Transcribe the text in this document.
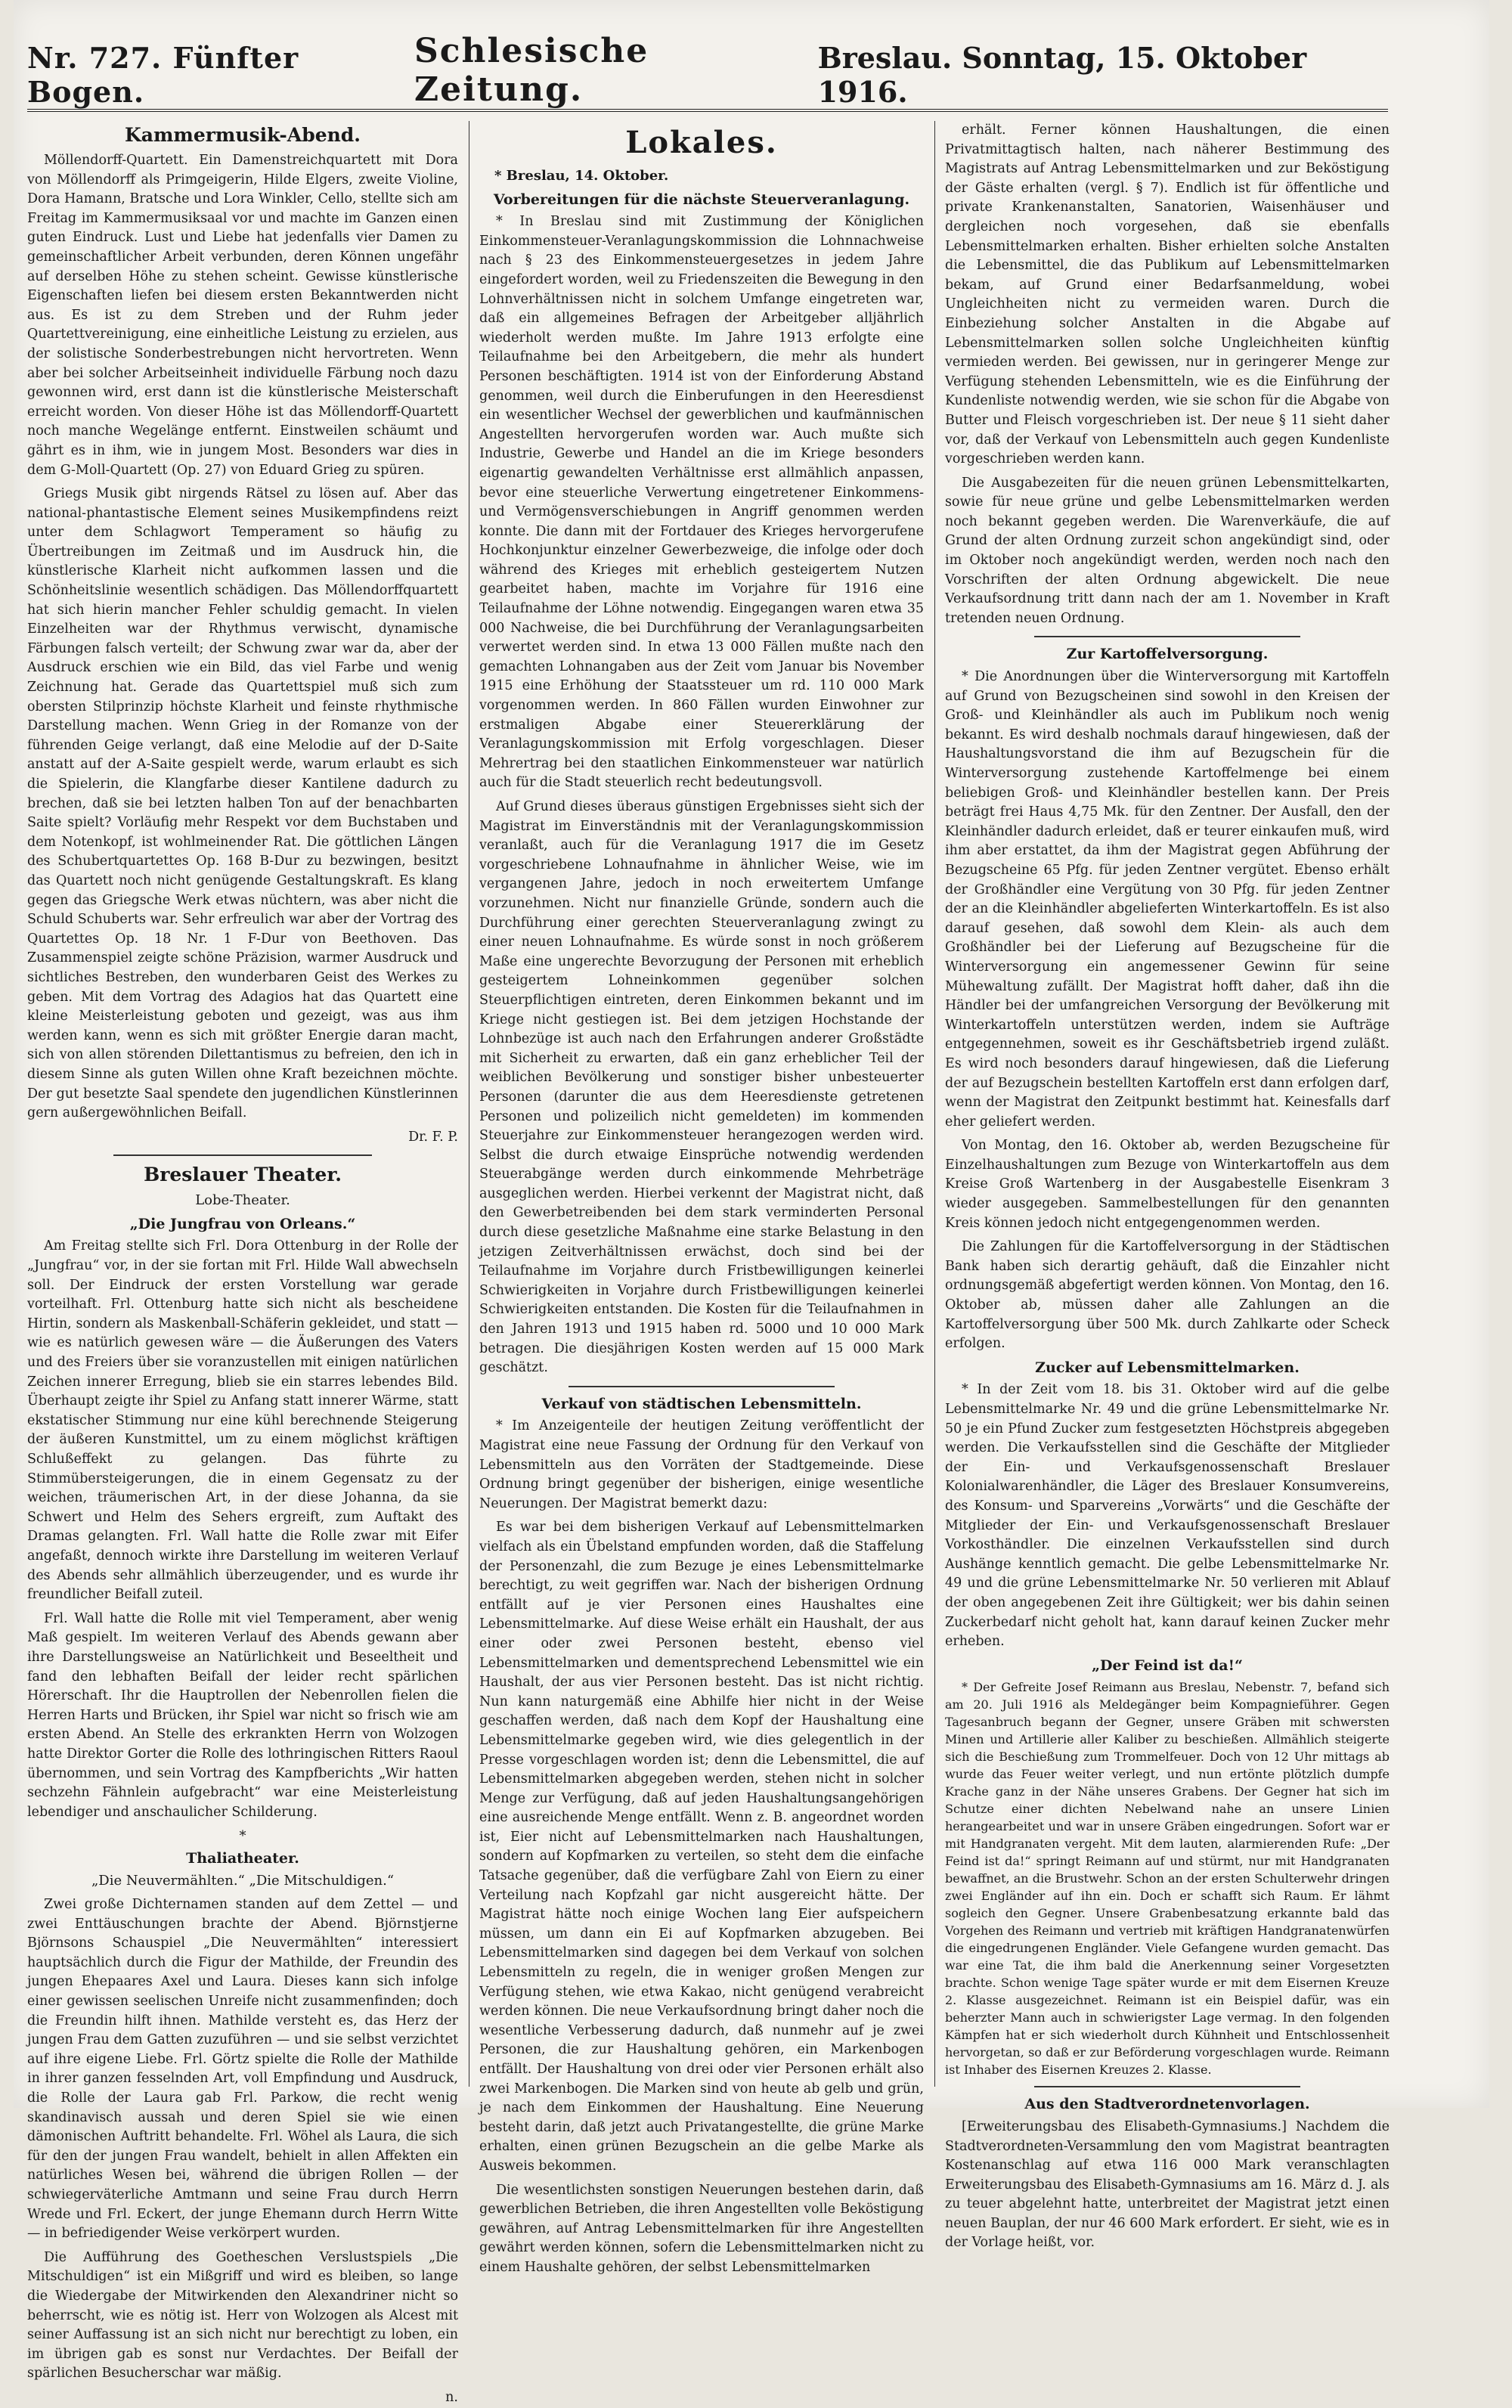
Nr. 727. Fünfter Bogen.
Schlesische Zeitung.
Breslau. Sonntag, 15. Oktober 1916.
Kammermusik-Abend.

Möllendorff-Quartett. Ein Damenstreichquartett mit Dora von Möllendorff als Primgeigerin, Hilde Elgers, zweite Violine, Dora Hamann, Bratsche und Lora Winkler, Cello, stellte sich am Freitag im Kammermusiksaal vor und machte im Ganzen einen guten Eindruck. Lust und Liebe hat jedenfalls vier Damen zu gemeinschaftlicher Arbeit verbunden, deren Können ungefähr auf derselben Höhe zu stehen scheint. Gewisse künstlerische Eigenschaften liefen bei diesem ersten Bekanntwerden nicht aus. Es ist zu dem Streben und der Ruhm jeder Quartettvereinigung, eine einheitliche Leistung zu erzielen, aus der solistische Sonderbestrebungen nicht hervortreten. Wenn aber bei solcher Arbeitseinheit individuelle Färbung noch dazu gewonnen wird, erst dann ist die künstlerische Meisterschaft erreicht worden. Von dieser Höhe ist das Möllendorff-Quartett noch manche Wegelänge entfernt. Einstweilen schäumt und gährt es in ihm, wie in jungem Most. Besonders war dies in dem G-Moll-Quartett (Op. 27) von Eduard Grieg zu spüren.

Griegs Musik gibt nirgends Rätsel zu lösen auf. Aber das national-phantastische Element seines Musikempfindens reizt unter dem Schlagwort Temperament so häufig zu Übertreibungen im Zeitmaß und im Ausdruck hin, die künstlerische Klarheit nicht aufkommen lassen und die Schönheitslinie wesentlich schädigen. Das Möllendorffquartett hat sich hierin mancher Fehler schuldig gemacht. In vielen Einzelheiten war der Rhythmus verwischt, dynamische Färbungen falsch verteilt; der Schwung zwar war da, aber der Ausdruck erschien wie ein Bild, das viel Farbe und wenig Zeichnung hat. Gerade das Quartettspiel muß sich zum obersten Stilprinzip höchste Klarheit und feinste rhythmische Darstellung machen. Wenn Grieg in der Romanze von der führenden Geige verlangt, daß eine Melodie auf der D-Saite anstatt auf der A-Saite gespielt werde, warum erlaubt es sich die Spielerin, die Klangfarbe dieser Kantilene dadurch zu brechen, daß sie bei letzten halben Ton auf der benachbarten Saite spielt? Vorläufig mehr Respekt vor dem Buchstaben und dem Notenkopf, ist wohlmeinender Rat. Die göttlichen Längen des Schubertquartettes Op. 168 B-Dur zu bezwingen, besitzt das Quartett noch nicht genügende Gestaltungskraft. Es klang gegen das Griegsche Werk etwas nüchtern, was aber nicht die Schuld Schuberts war. Sehr erfreulich war aber der Vortrag des Quartettes Op. 18 Nr. 1 F-Dur von Beethoven. Das Zusammenspiel zeigte schöne Präzision, warmer Ausdruck und sichtliches Bestreben, den wunderbaren Geist des Werkes zu geben. Mit dem Vortrag des Adagios hat das Quartett eine kleine Meisterleistung geboten und gezeigt, was aus ihm werden kann, wenn es sich mit größter Energie daran macht, sich von allen störenden Dilettantismus zu befreien, den ich in diesem Sinne als guten Willen ohne Kraft bezeichnen möchte. Der gut besetzte Saal spendete den jugendlichen Künstlerinnen gern außergewöhnlichen Beifall.

Dr. F. P.

Breslauer Theater.
Lobe-Theater.
„Die Jungfrau von Orleans.“

Am Freitag stellte sich Frl. Dora Ottenburg in der Rolle der „Jungfrau“ vor, in der sie fortan mit Frl. Hilde Wall abwechseln soll. Der Eindruck der ersten Vorstellung war gerade vorteilhaft. Frl. Ottenburg hatte sich nicht als bescheidene Hirtin, sondern als Maskenball-Schäferin gekleidet, und statt — wie es natürlich gewesen wäre — die Äußerungen des Vaters und des Freiers über sie voranzustellen mit einigen natürlichen Zeichen innerer Erregung, blieb sie ein starres lebendes Bild. Überhaupt zeigte ihr Spiel zu Anfang statt innerer Wärme, statt ekstatischer Stimmung nur eine kühl berechnende Steigerung der äußeren Kunstmittel, um zu einem möglichst kräftigen Schlußeffekt zu gelangen. Das führte zu Stimmübersteigerungen, die in einem Gegensatz zu der weichen, träumerischen Art, in der diese Johanna, da sie Schwert und Helm des Sehers ergreift, zum Auftakt des Dramas gelangten. Frl. Wall hatte die Rolle zwar mit Eifer angefaßt, dennoch wirkte ihre Darstellung im weiteren Verlauf des Abends sehr allmählich überzeugender, und es wurde ihr freundlicher Beifall zuteil.

Frl. Wall hatte die Rolle mit viel Temperament, aber wenig Maß gespielt. Im weiteren Verlauf des Abends gewann aber ihre Darstellungsweise an Natürlichkeit und Beseeltheit und fand den lebhaften Beifall der leider recht spärlichen Hörerschaft. Ihr die Hauptrollen der Nebenrollen fielen die Herren Harts und Brücken, ihr Spiel war nicht so frisch wie am ersten Abend. An Stelle des erkrankten Herrn von Wolzogen hatte Direktor Gorter die Rolle des lothringischen Ritters Raoul übernommen, und sein Vortrag des Kampfberichts „Wir hatten sechzehn Fähnlein aufgebracht“ war eine Meisterleistung lebendiger und anschaulicher Schilderung.

*
Thaliatheater.
„Die Neuvermählten.“ „Die Mitschuldigen.“

Zwei große Dichternamen standen auf dem Zettel — und zwei Enttäuschungen brachte der Abend. Björnstjerne Björnsons Schauspiel „Die Neuvermählten“ interessiert hauptsächlich durch die Figur der Mathilde, der Freundin des jungen Ehepaares Axel und Laura. Dieses kann sich infolge einer gewissen seelischen Unreife nicht zusammenfinden; doch die Freundin hilft ihnen. Mathilde versteht es, das Herz der jungen Frau dem Gatten zuzuführen — und sie selbst verzichtet auf ihre eigene Liebe. Frl. Görtz spielte die Rolle der Mathilde in ihrer ganzen fesselnden Art, voll Empfindung und Ausdruck, die Rolle der Laura gab Frl. Parkow, die recht wenig skandinavisch aussah und deren Spiel sie wie einen dämonischen Auftritt behandelte. Frl. Wöhel als Laura, die sich für den der jungen Frau wandelt, behielt in allen Affekten ein natürliches Wesen bei, während die übrigen Rollen — der schwiegerväterliche Amtmann und seine Frau durch Herrn Wrede und Frl. Eckert, der junge Ehemann durch Herrn Witte — in befriedigender Weise verkörpert wurden.

Die Aufführung des Goetheschen Verslustspiels „Die Mitschuldigen“ ist ein Mißgriff und wird es bleiben, so lange die Wiedergabe der Mitwirkenden den Alexandriner nicht so beherrscht, wie es nötig ist. Herr von Wolzogen als Alcest mit seiner Auffassung ist an sich nicht nur berechtigt zu loben, ein im übrigen gab es sonst nur Verdachtes. Der Beifall der spärlichen Besucherschar war mäßig.

n.

Lokales.

* Breslau, 14. Oktober.

Vorbereitungen für die nächste Steuerveranlagung.

* In Breslau sind mit Zustimmung der Königlichen Einkommensteuer-Veranlagungskommission die Lohnnachweise nach § 23 des Einkommensteuergesetzes in jedem Jahre eingefordert worden, weil zu Friedenszeiten die Bewegung in den Lohnverhältnissen nicht in solchem Umfange eingetreten war, daß ein allgemeines Befragen der Arbeitgeber alljährlich wiederholt werden mußte. Im Jahre 1913 erfolgte eine Teilaufnahme bei den Arbeitgebern, die mehr als hundert Personen beschäftigten. 1914 ist von der Einforderung Abstand genommen, weil durch die Einberufungen in den Heeresdienst ein wesentlicher Wechsel der gewerblichen und kaufmännischen Angestellten hervorgerufen worden war. Auch mußte sich Industrie, Gewerbe und Handel an die im Kriege besonders eigenartig gewandelten Verhältnisse erst allmählich anpassen, bevor eine steuerliche Verwertung eingetretener Einkommens- und Vermögensverschiebungen in Angriff genommen werden konnte. Die dann mit der Fortdauer des Krieges hervorgerufene Hochkonjunktur einzelner Gewerbezweige, die infolge oder doch während des Krieges mit erheblich gesteigertem Nutzen gearbeitet haben, machte im Vorjahre für 1916 eine Teilaufnahme der Löhne notwendig. Eingegangen waren etwa 35 000 Nachweise, die bei Durchführung der Veranlagungsarbeiten verwertet werden sind. In etwa 13 000 Fällen mußte nach den gemachten Lohnangaben aus der Zeit vom Januar bis November 1915 eine Erhöhung der Staatssteuer um rd. 110 000 Mark vorgenommen werden. In 860 Fällen wurden Einwohner zur erstmaligen Abgabe einer Steuererklärung der Veranlagungskommission mit Erfolg vorgeschlagen. Dieser Mehrertrag bei den staatlichen Einkommensteuer war natürlich auch für die Stadt steuerlich recht bedeutungsvoll.

Auf Grund dieses überaus günstigen Ergebnisses sieht sich der Magistrat im Einverständnis mit der Veranlagungskommission veranlaßt, auch für die Veranlagung 1917 die im Gesetz vorgeschriebene Lohnaufnahme in ähnlicher Weise, wie im vergangenen Jahre, jedoch in noch erweitertem Umfange vorzunehmen. Nicht nur finanzielle Gründe, sondern auch die Durchführung einer gerechten Steuerveranlagung zwingt zu einer neuen Lohnaufnahme. Es würde sonst in noch größerem Maße eine ungerechte Bevorzugung der Personen mit erheblich gesteigertem Lohneinkommen gegenüber solchen Steuerpflichtigen eintreten, deren Einkommen bekannt und im Kriege nicht gestiegen ist. Bei dem jetzigen Hochstande der Lohnbezüge ist auch nach den Erfahrungen anderer Großstädte mit Sicherheit zu erwarten, daß ein ganz erheblicher Teil der weiblichen Bevölkerung und sonstiger bisher unbesteuerter Personen (darunter die aus dem Heeresdienste getretenen Personen und polizeilich nicht gemeldeten) im kommenden Steuerjahre zur Einkommensteuer herangezogen werden wird. Selbst die durch etwaige Einsprüche notwendig werdenden Steuerabgänge werden durch einkommende Mehrbeträge ausgeglichen werden. Hierbei verkennt der Magistrat nicht, daß den Gewerbetreibenden bei dem stark verminderten Personal durch diese gesetzliche Maßnahme eine starke Belastung in den jetzigen Zeitverhältnissen erwächst, doch sind bei der Teilaufnahme im Vorjahre durch Fristbewilligungen keinerlei Schwierigkeiten in Vorjahre durch Fristbewilligungen keinerlei Schwierigkeiten entstanden. Die Kosten für die Teilaufnahmen in den Jahren 1913 und 1915 haben rd. 5000 und 10 000 Mark betragen. Die diesjährigen Kosten werden auf 15 000 Mark geschätzt.

Verkauf von städtischen Lebensmitteln.

* Im Anzeigenteile der heutigen Zeitung veröffentlicht der Magistrat eine neue Fassung der Ordnung für den Verkauf von Lebensmitteln aus den Vorräten der Stadtgemeinde. Diese Ordnung bringt gegenüber der bisherigen, einige wesentliche Neuerungen. Der Magistrat bemerkt dazu:

Es war bei dem bisherigen Verkauf auf Lebensmittelmarken vielfach als ein Übelstand empfunden worden, daß die Staffelung der Personenzahl, die zum Bezuge je eines Lebensmittelmarke berechtigt, zu weit gegriffen war. Nach der bisherigen Ordnung entfällt auf je vier Personen eines Haushaltes eine Lebensmittelmarke. Auf diese Weise erhält ein Haushalt, der aus einer oder zwei Personen besteht, ebenso viel Lebensmittelmarken und dementsprechend Lebensmittel wie ein Haushalt, der aus vier Personen besteht. Das ist nicht richtig. Nun kann naturgemäß eine Abhilfe hier nicht in der Weise geschaffen werden, daß nach dem Kopf der Haushaltung eine Lebensmittelmarke gegeben wird, wie dies gelegentlich in der Presse vorgeschlagen worden ist; denn die Lebensmittel, die auf Lebensmittelmarken abgegeben werden, stehen nicht in solcher Menge zur Verfügung, daß auf jeden Haushaltungsangehörigen eine ausreichende Menge entfällt. Wenn z. B. angeordnet worden ist, Eier nicht auf Lebensmittelmarken nach Haushaltungen, sondern auf Kopfmarken zu verteilen, so steht dem die einfache Tatsache gegenüber, daß die verfügbare Zahl von Eiern zu einer Verteilung nach Kopfzahl gar nicht ausgereicht hätte. Der Magistrat hätte noch einige Wochen lang Eier aufspeichern müssen, um dann ein Ei auf Kopfmarken abzugeben. Bei Lebensmittelmarken sind dagegen bei dem Verkauf von solchen Lebensmitteln zu regeln, die in weniger großen Mengen zur Verfügung stehen, wie etwa Kakao, nicht genügend verabreicht werden können. Die neue Verkaufsordnung bringt daher noch die wesentliche Verbesserung dadurch, daß nunmehr auf je zwei Personen, die zur Haushaltung gehören, ein Markenbogen entfällt. Der Haushaltung von drei oder vier Personen erhält also zwei Markenbogen. Die Marken sind von heute ab gelb und grün, je nach dem Einkommen der Haushaltung. Eine Neuerung besteht darin, daß jetzt auch Privatangestellte, die grüne Marke erhalten, einen grünen Bezugschein an die gelbe Marke als Ausweis bekommen.

Die wesentlichsten sonstigen Neuerungen bestehen darin, daß gewerblichen Betrieben, die ihren Angestellten volle Beköstigung gewähren, auf Antrag Lebensmittelmarken für ihre Angestellten gewährt werden können, sofern die Lebensmittelmarken nicht zu einem Haushalte gehören, der selbst Lebensmittelmarken

erhält. Ferner können Haushaltungen, die einen Privatmittagtisch halten, nach näherer Bestimmung des Magistrats auf Antrag Lebensmittelmarken und zur Beköstigung der Gäste erhalten (vergl. § 7). Endlich ist für öffentliche und private Krankenanstalten, Sanatorien, Waisenhäuser und dergleichen noch vorgesehen, daß sie ebenfalls Lebensmittelmarken erhalten. Bisher erhielten solche Anstalten die Lebensmittel, die das Publikum auf Lebensmittelmarken bekam, auf Grund einer Bedarfsanmeldung, wobei Ungleichheiten nicht zu vermeiden waren. Durch die Einbeziehung solcher Anstalten in die Abgabe auf Lebensmittelmarken sollen solche Ungleichheiten künftig vermieden werden. Bei gewissen, nur in geringerer Menge zur Verfügung stehenden Lebensmitteln, wie es die Einführung der Kundenliste notwendig werden, wie sie schon für die Abgabe von Butter und Fleisch vorgeschrieben ist. Der neue § 11 sieht daher vor, daß der Verkauf von Lebensmitteln auch gegen Kundenliste vorgeschrieben werden kann.

Die Ausgabezeiten für die neuen grünen Lebensmittelkarten, sowie für neue grüne und gelbe Lebensmittelmarken werden noch bekannt gegeben werden. Die Warenverkäufe, die auf Grund der alten Ordnung zurzeit schon angekündigt sind, oder im Oktober noch angekündigt werden, werden noch nach den Vorschriften der alten Ordnung abgewickelt. Die neue Verkaufsordnung tritt dann nach der am 1. November in Kraft tretenden neuen Ordnung.

Zur Kartoffelversorgung.

* Die Anordnungen über die Winterversorgung mit Kartoffeln auf Grund von Bezugscheinen sind sowohl in den Kreisen der Groß- und Kleinhändler als auch im Publikum noch wenig bekannt. Es wird deshalb nochmals darauf hingewiesen, daß der Haushaltungsvorstand die ihm auf Bezugschein für die Winterversorgung zustehende Kartoffelmenge bei einem beliebigen Groß- und Kleinhändler bestellen kann. Der Preis beträgt frei Haus 4,75 Mk. für den Zentner. Der Ausfall, den der Kleinhändler dadurch erleidet, daß er teurer einkaufen muß, wird ihm aber erstattet, da ihm der Magistrat gegen Abführung der Bezugscheine 65 Pfg. für jeden Zentner vergütet. Ebenso erhält der Großhändler eine Vergütung von 30 Pfg. für jeden Zentner der an die Kleinhändler abgelieferten Winterkartoffeln. Es ist also darauf gesehen, daß sowohl dem Klein- als auch dem Großhändler bei der Lieferung auf Bezugscheine für die Winterversorgung ein angemessener Gewinn für seine Mühewaltung zufällt. Der Magistrat hofft daher, daß ihn die Händler bei der umfangreichen Versorgung der Bevölkerung mit Winterkartoffeln unterstützen werden, indem sie Aufträge entgegennehmen, soweit es ihr Geschäftsbetrieb irgend zuläßt. Es wird noch besonders darauf hingewiesen, daß die Lieferung der auf Bezugschein bestellten Kartoffeln erst dann erfolgen darf, wenn der Magistrat den Zeitpunkt bestimmt hat. Keinesfalls darf eher geliefert werden.

Von Montag, den 16. Oktober ab, werden Bezugscheine für Einzelhaushaltungen zum Bezuge von Winterkartoffeln aus dem Kreise Groß Wartenberg in der Ausgabestelle Eisenkram 3 wieder ausgegeben. Sammelbestellungen für den genannten Kreis können jedoch nicht entgegengenommen werden.

Die Zahlungen für die Kartoffelversorgung in der Städtischen Bank haben sich derartig gehäuft, daß die Einzahler nicht ordnungsgemäß abgefertigt werden können. Von Montag, den 16. Oktober ab, müssen daher alle Zahlungen an die Kartoffelversorgung über 500 Mk. durch Zahlkarte oder Scheck erfolgen.

Zucker auf Lebensmittelmarken.

* In der Zeit vom 18. bis 31. Oktober wird auf die gelbe Lebensmittelmarke Nr. 49 und die grüne Lebensmittelmarke Nr. 50 je ein Pfund Zucker zum festgesetzten Höchstpreis abgegeben werden. Die Verkaufsstellen sind die Geschäfte der Mitglieder der Ein- und Verkaufsgenossenschaft Breslauer Kolonialwarenhändler, die Läger des Breslauer Konsumvereins, des Konsum- und Sparvereins „Vorwärts“ und die Geschäfte der Mitglieder der Ein- und Verkaufsgenossenschaft Breslauer Vorkosthändler. Die einzelnen Verkaufsstellen sind durch Aushänge kenntlich gemacht. Die gelbe Lebensmittelmarke Nr. 49 und die grüne Lebensmittelmarke Nr. 50 verlieren mit Ablauf der oben angegebenen Zeit ihre Gültigkeit; wer bis dahin seinen Zuckerbedarf nicht geholt hat, kann darauf keinen Zucker mehr erheben.

„Der Feind ist da!“

* Der Gefreite Josef Reimann aus Breslau, Nebenstr. 7, befand sich am 20. Juli 1916 als Meldegänger beim Kompagnieführer. Gegen Tagesanbruch begann der Gegner, unsere Gräben mit schwersten Minen und Artillerie aller Kaliber zu beschießen. Allmählich steigerte sich die Beschießung zum Trommelfeuer. Doch von 12 Uhr mittags ab wurde das Feuer weiter verlegt, und nun ertönte plötzlich dumpfe Krache ganz in der Nähe unseres Grabens. Der Gegner hat sich im Schutze einer dichten Nebelwand nahe an unsere Linien herangearbeitet und war in unsere Gräben eingedrungen. Sofort war er mit Handgranaten vergeht. Mit dem lauten, alarmierenden Rufe: „Der Feind ist da!“ springt Reimann auf und stürmt, nur mit Handgranaten bewaffnet, an die Brustwehr. Schon an der ersten Schulterwehr dringen zwei Engländer auf ihn ein. Doch er schafft sich Raum. Er lähmt sogleich den Gegner. Unsere Grabenbesatzung erkannte bald das Vorgehen des Reimann und vertrieb mit kräftigen Handgranatenwürfen die eingedrungenen Engländer. Viele Gefangene wurden gemacht. Das war eine Tat, die ihm bald die Anerkennung seiner Vorgesetzten brachte. Schon wenige Tage später wurde er mit dem Eisernen Kreuze 2. Klasse ausgezeichnet. Reimann ist ein Beispiel dafür, was ein beherzter Mann auch in schwierigster Lage vermag. In den folgenden Kämpfen hat er sich wiederholt durch Kühnheit und Entschlossenheit hervorgetan, so daß er zur Beförderung vorgeschlagen wurde. Reimann ist Inhaber des Eisernen Kreuzes 2. Klasse.

Aus den Stadtverordnetenvorlagen.

[Erweiterungsbau des Elisabeth-Gymnasiums.] Nachdem die Stadtverordneten-Versammlung den vom Magistrat beantragten Kostenanschlag auf etwa 116 000 Mark veranschlagten Erweiterungsbau des Elisabeth-Gymnasiums am 16. März d. J. als zu teuer abgelehnt hatte, unterbreitet der Magistrat jetzt einen neuen Bauplan, der nur 46 600 Mark erfordert. Er sieht, wie es in der Vorlage heißt, vor.
